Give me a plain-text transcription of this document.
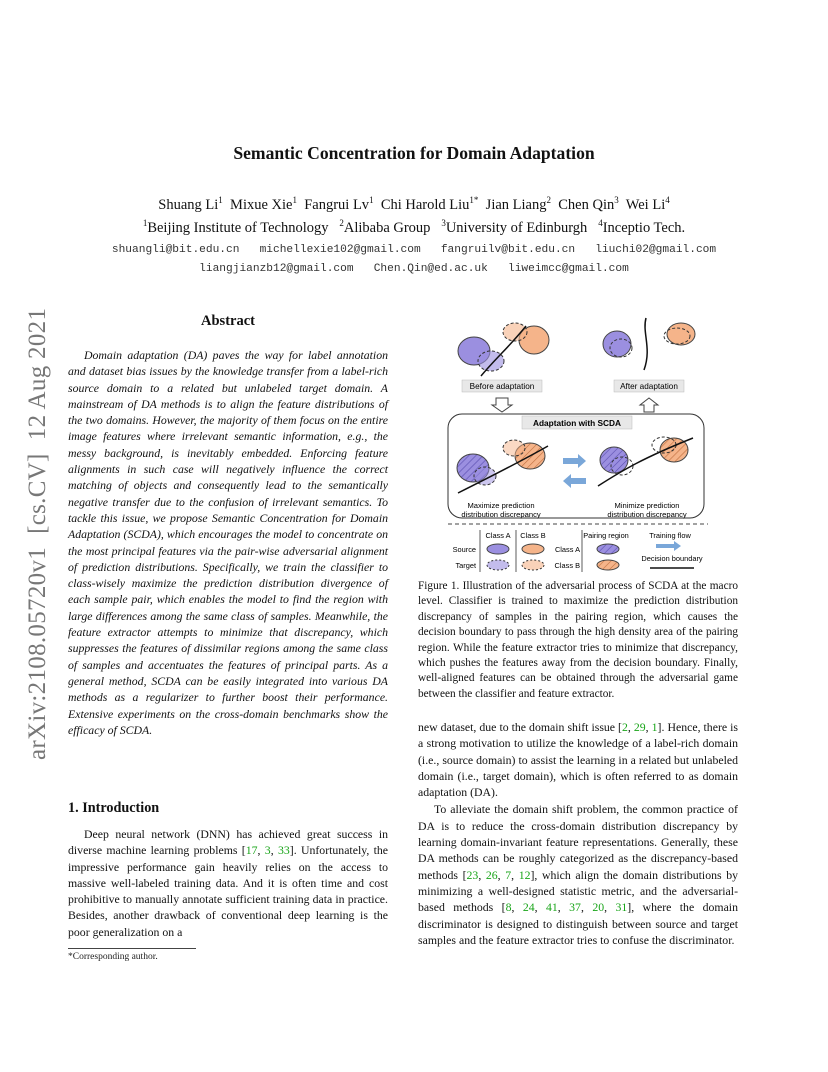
Semantic Concentration for Domain Adaptation
Shuang Li$^1$ Mixue Xie$^1$ Fangrui Lv$^1$ Chi Harold Liu$^{1*}$ Jian Liang$^2$ Chen Qin$^3$ Wei Li$^4$
$^1$Beijing Institute of Technology $^2$Alibaba Group $^3$University of Edinburgh $^4$Inceptio Tech.
shuangli@bit.edu.cn   michellexie102@gmail.com   fangruilv@bit.edu.cn   liuchi02@gmail.com
liangjianzb12@gmail.com   Chen.Qin@ed.ac.uk   liweimcc@gmail.com
arXiv:2108.05720v1  [cs.CV]  12 Aug 2021	Abstract

Domain adaptation (DA) paves the way for label annotation and dataset bias issues by the knowledge transfer from a label-rich source domain to a related but unlabeled target domain. A mainstream of DA methods is to align the feature distributions of the two domains. However, the majority of them focus on the entire image features where irrelevant semantic information, e.g., the messy background, is inevitably embedded. Enforcing feature alignments in such case will negatively influence the correct matching of objects and consequently lead to the semantically negative transfer due to the confusion of irrelevant semantics. To tackle this issue, we propose Semantic Concentration for Domain Adaptation (SCDA), which encourages the model to concentrate on the most principal features via the pair-wise adversarial alignment of prediction distributions. Specifically, we train the classifier to class-wisely maximize the prediction distribution divergence of each sample pair, which enables the model to find the region with large differences among the same class of samples. Meanwhile, the feature extractor attempts to minimize that discrepancy, which suppresses the features of dissimilar regions among the same class of samples and accentuates the features of principal parts. As a general method, SCDA can be easily integrated into various DA methods as a regularizer to further boost their performance. Extensive experiments on the cross-domain benchmarks show the efficacy of SCDA.

1. Introduction

Deep neural network (DNN) has achieved great success in diverse machine learning problems [17, 3, 33]. Unfortunately, the impressive performance gain heavily relies on the access to massive well-labeled training data. And it is often time and cost prohibitive to manually annotate sufficient training data in practice. Besides, another drawback of conventional deep learning is the poor generalization on a

*Corresponding author.
Before adaptation	After adaptation
Adaptation with SCDA
Maximize prediction
distribution discrepancy
Minimize prediction
distribution discrepancy
Class A Class B	Pairing region	Training flow
Source
Target
Class A
Class B
Decision boundary
Figure 1. Illustration of the adversarial process of SCDA at the macro level. Classifier is trained to maximize the prediction distribution discrepancy of samples in the pairing region, which causes the decision boundary to pass through the high density area of the pairing region. While the feature extractor tries to minimize that discrepancy, which pushes the features away from the decision boundary. Finally, well-aligned features can be obtained through the adversarial game between the classifier and feature extractor.

new dataset, due to the domain shift issue [2, 29, 1]. Hence, there is a strong motivation to utilize the knowledge of a label-rich domain (i.e., source domain) to assist the learning in a related but unlabeled domain (i.e., target domain), which is often referred to as domain adaptation (DA).

To alleviate the domain shift problem, the common practice of DA is to reduce the cross-domain distribution discrepancy by learning domain-invariant feature representations. Generally, these DA methods can be roughly categorized as the discrepancy-based methods [23, 26, 7, 12], which align the domain distributions by minimizing a well-designed statistic metric, and the adversarial-based methods [8, 24, 41, 37, 20, 31], where the domain discriminator is designed to distinguish between source and target samples and the feature extractor tries to confuse the discriminator.
